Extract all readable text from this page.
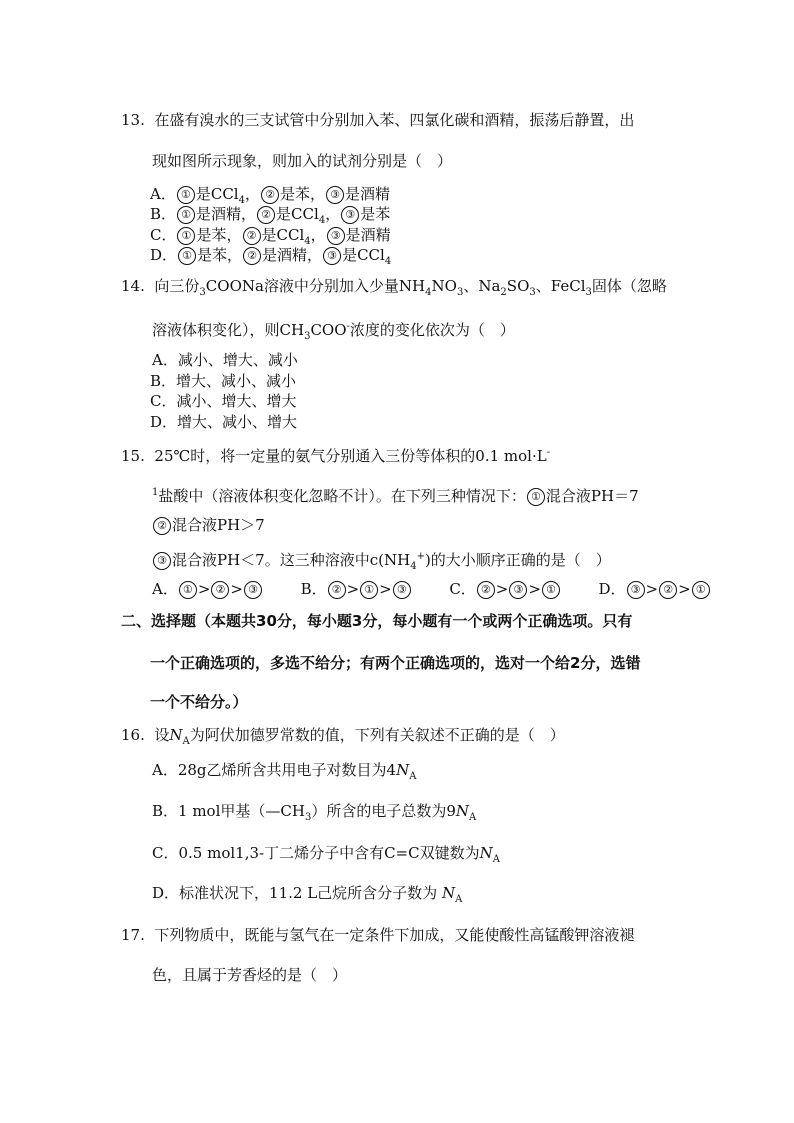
13. 在盛有溴水的三支试管中分别加入苯、四氯化碳和酒精，振荡后静置，出
现如图所示现象，则加入的试剂分别是（　）
A． ① 是CCl$_4$， ② 是苯， ③ 是酒精
B． ① 是酒精， ② 是CCl$_4$， ③ 是苯
C． ① 是苯， ② 是CCl$_4$， ③ 是酒精
D． ① 是苯， ② 是酒精， ③ 是CCl$_4$
14. 向三份$_3$COONa溶液中分别加入少量$NH_4NO_3$、$Na_2SO_3$、FeCl$_3$固体（忽略
溶液体积变化），则$CH_3COO^-$浓度的变化依次为（　）
A．减小、增大、减小
B．增大、减小、减小
C．减小、增大、增大
D．增大、减小、增大
15. 25℃时，将一定量的氨气分别通入三份等体积的0.1 mol·L-
$^1$盐酸中（溶液体积变化忽略不计）。在下列三种情况下： ① 混合液PH＝7
② 混合液PH＞7
③ 混合液PH＜7。这三种溶液中$c(NH_4^+)$的大小顺序正确的是（　）
A． ① > ② > ③	B． ② > ① > ③	C． ② > ③ > ①	D． ③ > ② > ①
二、选择题（本题共30分，每小题3分，每小题有一个或两个正确选项。只有
一个正确选项的，多选不给分；有两个正确选项的，选对一个给2分，选错
一个不给分。）
16. 设$N_A$为阿伏加德罗常数的值，下列有关叙述不正确的是（　）
A．28g乙烯所含共用电子对数目为$4N_A$
B．1 mol甲基$(—CH_3)$所含的电子总数为$9N_A$
C．0.5 mol1,3-丁二烯分子中含有C=C双键数为$N_A$
D．标准状况下，11.2 L己烷所含分子数为 $N_A$
17. 下列物质中，既能与氢气在一定条件下加成，又能使酸性高锰酸钾溶液褪
色，且属于芳香烃的是（　）
